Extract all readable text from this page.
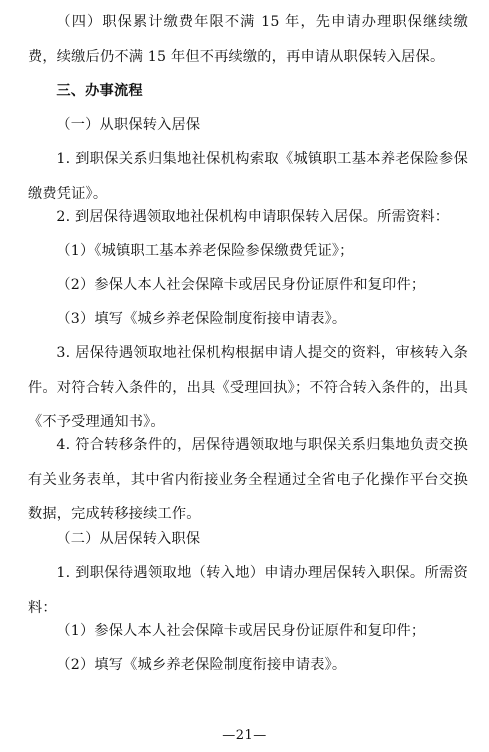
（四）职保累计缴费年限不满 15 年，先申请办理职保继续缴费，续缴后仍不满 15 年但不再续缴的，再申请从职保转入居保。

三、办事流程

（一）从职保转入居保

1. 到职保关系归集地社保机构索取《城镇职工基本养老保险参保缴费凭证》。

2. 到居保待遇领取地社保机构申请职保转入居保。所需资料：

（1）《城镇职工基本养老保险参保缴费凭证》；

（2）参保人本人社会保障卡或居民身份证原件和复印件；

（3）填写《城乡养老保险制度衔接申请表》。

3. 居保待遇领取地社保机构根据申请人提交的资料，审核转入条件。对符合转入条件的，出具《受理回执》；不符合转入条件的，出具《不予受理通知书》。

4. 符合转移条件的，居保待遇领取地与职保关系归集地负责交换有关业务表单，其中省内衔接业务全程通过全省电子化操作平台交换数据，完成转移接续工作。

（二）从居保转入职保

1. 到职保待遇领取地（转入地）申请办理居保转入职保。所需资料：

（1）参保人本人社会保障卡或居民身份证原件和复印件；

（2）填写《城乡养老保险制度衔接申请表》。

—21—
